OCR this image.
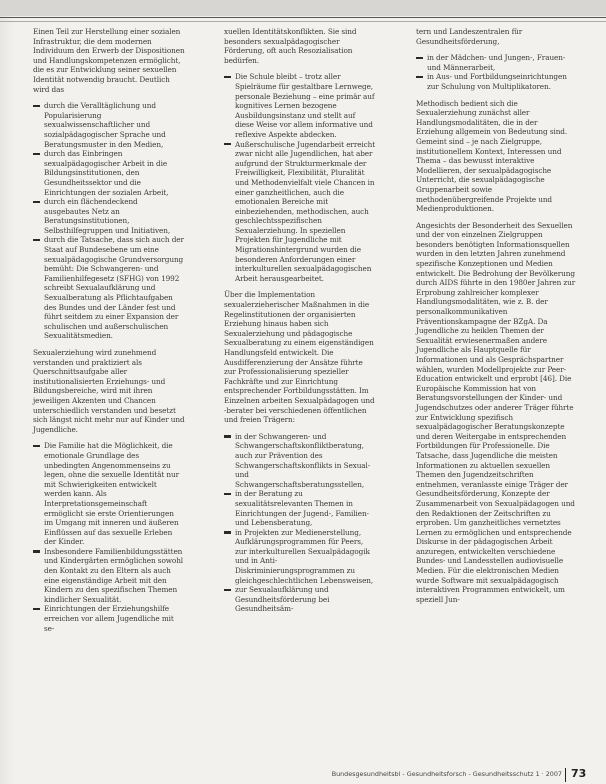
Einen Teil zur Herstellung einer sozialen Infrastruktur, die dem modernen Individuum den Erwerb der Dispositionen und Handlungskompetenzen ermöglicht, die es zur Entwicklung seiner sexuellen Identität notwendig braucht. Deutlich wird das

durch die Veralltäglichung und Popularisierung sexualwissenschaftlicher und sozialpädagogischer Sprache und Beratungsmuster in den Medien,
durch das Einbringen sexualpädagogischer Arbeit in die Bildungsinstitutionen, den Gesundheitssektor und die Einrichtungen der sozialen Arbeit,
durch ein flächendeckend ausgebautes Netz an Beratungsinstitutionen, Selbsthilfegruppen und Initiativen,
durch die Tatsache, dass sich auch der Staat auf Bundesebene um eine sexualpädagogische Grundversorgung bemüht: Die Schwangeren- und Familienhilfegesetz (SFHG) von 1992 schreibt Sexualaufklärung und Sexualberatung als Pflichtaufgaben des Bundes und der Länder fest und führt seitdem zu einer Expansion der schulischen und außerschulischen Sexualitätsmedien.

Sexualerziehung wird zunehmend verstanden und praktiziert als Querschnittsaufgabe aller institutionalisierten Erziehungs- und Bildungsbereiche, wird mit ihren jeweiligen Akzenten und Chancen unterschiedlich verstanden und besetzt sich längst nicht mehr nur auf Kinder und Jugendliche.

Die Familie hat die Möglichkeit, die emotionale Grundlage des unbedingten Angenommenseins zu legen, ohne die sexuelle Identität nur mit Schwierigkeiten entwickelt werden kann. Als Interpretationsgemeinschaft ermöglicht sie erste Orientierungen im Umgang mit inneren und äußeren Einflüssen auf das sexuelle Erleben der Kinder.
Insbesondere Familienbildungsstätten und Kindergärten ermöglichen sowohl den Kontakt zu den Eltern als auch eine eigenständige Arbeit mit den Kindern zu den spezifischen Themen kindlicher Sexualität.
Einrichtungen der Erziehungshilfe erreichen vor allem Jugendliche mit se-

xuellen Identitätskonflikten. Sie sind besonders sexualpädagogischer Förderung, oft auch Resozialisation bedürfen.

Die Schule bleibt – trotz aller Spielräume für gestaltbare Lernwege, personale Beziehung – eine primär auf kognitives Lernen bezogene Ausbildungsinstanz und stellt auf diese Weise vor allem informative und reflexive Aspekte abdecken.
Außerschulische Jugendarbeit erreicht zwar nicht alle Jugendlichen, hat aber aufgrund der Strukturmerkmale der Freiwilligkeit, Flexibilität, Pluralität und Methodenvielfalt viele Chancen in einer ganzheitlichen, auch die emotionalen Bereiche mit einbeziehenden, methodischen, auch geschlechtsspezifischen Sexualerziehung. In speziellen Projekten für Jugendliche mit Migrationshintergrund wurden die besonderen Anforderungen einer interkulturellen sexualpädagogischen Arbeit herausgearbeitet.

Über die Implementation sexualerzieherischer Maßnahmen in die Regelinstitutionen der organisierten Erziehung hinaus haben sich Sexualerziehung und pädagogische Sexualberatung zu einem eigenständigen Handlungsfeld entwickelt. Die Ausdifferenzierung der Ansätze führte zur Professionalisierung spezieller Fachkräfte und zur Einrichtung entsprechender Fortbildungsstätten. Im Einzelnen arbeiten Sexualpädagogen und -berater bei verschiedenen öffentlichen und freien Trägern:

in der Schwangeren- und Schwangerschaftskonfliktberatung, auch zur Prävention des Schwangerschaftskonflikts in Sexual- und Schwangerschaftsberatungsstellen,
in der Beratung zu sexualitätsrelevanten Themen in Einrichtungen der Jugend-, Familien- und Lebensberatung,
in Projekten zur Medienerstellung, Aufklärungsprogrammen für Peers, zur interkulturellen Sexualpädagogik und in Anti-Diskriminierungsprogrammen zu gleichgeschlechtlichen Lebensweisen,
zur Sexualaufklärung und Gesundheitsförderung bei Gesundheitsäm-

tern und Landeszentralen für Gesundheitsförderung,

in der Mädchen- und Jungen-, Frauen- und Männerarbeit,
in Aus- und Fortbildungseinrichtungen zur Schulung von Multiplikatoren.

Methodisch bedient sich die Sexualerziehung zunächst aller Handlungsmodalitäten, die in der Erziehung allgemein von Bedeutung sind. Gemeint sind – je nach Zielgruppe, institutionellem Kontext, Interessen und Thema – das bewusst interaktive Modellieren, der sexualpädagogische Unterricht, die sexualpädagogische Gruppenarbeit sowie methodenübergreifende Projekte und Medienproduktionen.

Angesichts der Besonderheit des Sexuellen und der von einzelnen Zielgruppen besonders benötigten Informationsquellen wurden in den letzten Jahren zunehmend spezifische Konzeptionen und Medien entwickelt. Die Bedrohung der Bevölkerung durch AIDS führte in den 1980er Jahren zur Erprobung zahlreicher komplexer Handlungsmodalitäten, wie z. B. der personalkommunikativen Präventionskampagne der BZgA. Da Jugendliche zu heiklen Themen der Sexualität erwiesenermaßen andere Jugendliche als Hauptquelle für Informationen und als Gesprächspartner wählen, wurden Modellprojekte zur Peer-Education entwickelt und erprobt [46]. Die Europäische Kommission hat von Beratungsvorstellungen der Kinder- und Jugendschutzes oder anderer Träger führte zur Entwicklung spezifisch sexualpädagogischer Beratungskonzepte und deren Weitergabe in entsprechenden Fortbildungen für Professionelle. Die Tatsache, dass Jugendliche die meisten Informationen zu aktuellen sexuellen Themen den Jugendzeitschriften entnehmen, veranlasste einige Träger der Gesundheitsförderung, Konzepte der Zusammenarbeit von Sexualpädagogen und den Redaktionen der Zeitschriften zu erproben. Um ganzheitliches vernetztes Lernen zu ermöglichen und entsprechende Diskurse in der pädagogischen Arbeit anzuregen, entwickelten verschiedene Bundes- und Landesstellen audiovisuelle Medien. Für die elektronischen Medien wurde Software mit sexualpädagogisch interaktiven Programmen entwickelt, um speziell Jun-

Bundesgesundheitsbl - Gesundheitsforsch - Gesundheitsschutz 1 · 2007 73
